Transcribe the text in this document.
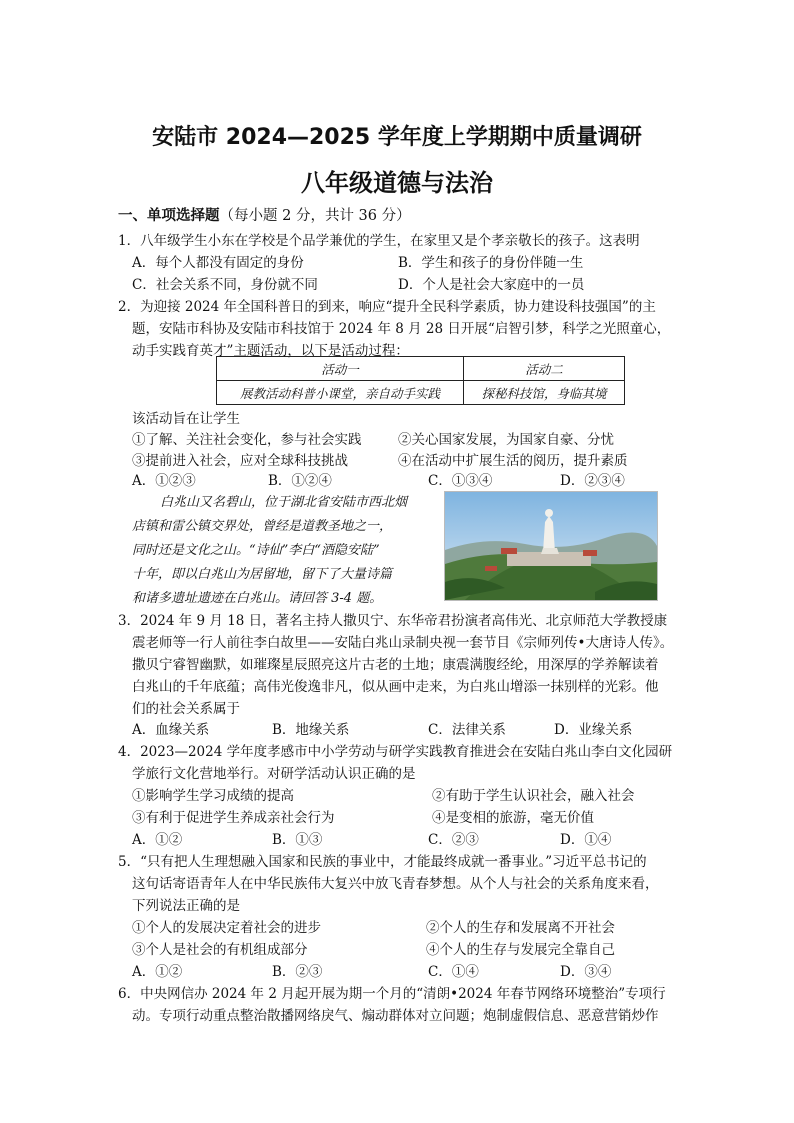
安陆市 2024—2025 学年度上学期期中质量调研
八年级道德与法治
一、单项选择题（每小题 2 分，共计 36 分）
1．八年级学生小东在学校是个品学兼优的学生，在家里又是个孝亲敬长的孩子。这表明
A．每个人都没有固定的身份	B．学生和孩子的身份伴随一生
C．社会关系不同，身份就不同	D．个人是社会大家庭中的一员
2．为迎接 2024 年全国科普日的到来，响应“提升全民科学素质，协力建设科技强国”的主
题，安陆市科协及安陆市科技馆于 2024 年 8 月 28 日开展“启智引梦，科学之光照童心，
动手实践育英才”主题活动，以下是活动过程：
活动一	活动二
展教活动科普小课堂，亲自动手实践	探秘科技馆，身临其境
该活动旨在让学生
①了解、关注社会变化，参与社会实践	②关心国家发展，为国家自豪、分忧
③提前进入社会，应对全球科技挑战	④在活动中扩展生活的阅历，提升素质
A．①②③	B．①②④	C．①③④	D．②③④
白兆山又名碧山，位于湖北省安陆市西北烟
店镇和雷公镇交界处，曾经是道教圣地之一，
同时还是文化之山。“诗仙”李白“酒隐安陆”
十年，即以白兆山为居留地，留下了大量诗篇
和诸多遗址遗迹在白兆山。请回答 3-4 题。
3．2024 年 9 月 18 日，著名主持人撒贝宁、东华帝君扮演者高伟光、北京师范大学教授康
震老师等一行人前往李白故里——安陆白兆山录制央视一套节目《宗师列传•大唐诗人传》。
撒贝宁睿智幽默，如璀璨星辰照亮这片古老的土地；康震满腹经纶，用深厚的学养解读着
白兆山的千年底蕴；高伟光俊逸非凡，似从画中走来，为白兆山增添一抹别样的光彩。他
们的社会关系属于
A．血缘关系	B．地缘关系	C．法律关系	D．业缘关系
4．2023—2024 学年度孝感市中小学劳动与研学实践教育推进会在安陆白兆山李白文化园研
学旅行文化营地举行。对研学活动认识正确的是
①影响学生学习成绩的提高	②有助于学生认识社会，融入社会
③有利于促进学生养成亲社会行为	④是变相的旅游，毫无价值
A．①②	B．①③	C．②③	D．①④
5．“只有把人生理想融入国家和民族的事业中，才能最终成就一番事业。”习近平总书记的
这句话寄语青年人在中华民族伟大复兴中放飞青春梦想。从个人与社会的关系角度来看，
下列说法正确的是
①个人的发展决定着社会的进步	②个人的生存和发展离不开社会
③个人是社会的有机组成部分	④个人的生存与发展完全靠自己
A．①②	B．②③	C．①④	D．③④
6．中央网信办 2024 年 2 月起开展为期一个月的“清朗•2024 年春节网络环境整治”专项行
动。专项行动重点整治散播网络戾气、煽动群体对立问题；炮制虚假信息、恶意营销炒作
